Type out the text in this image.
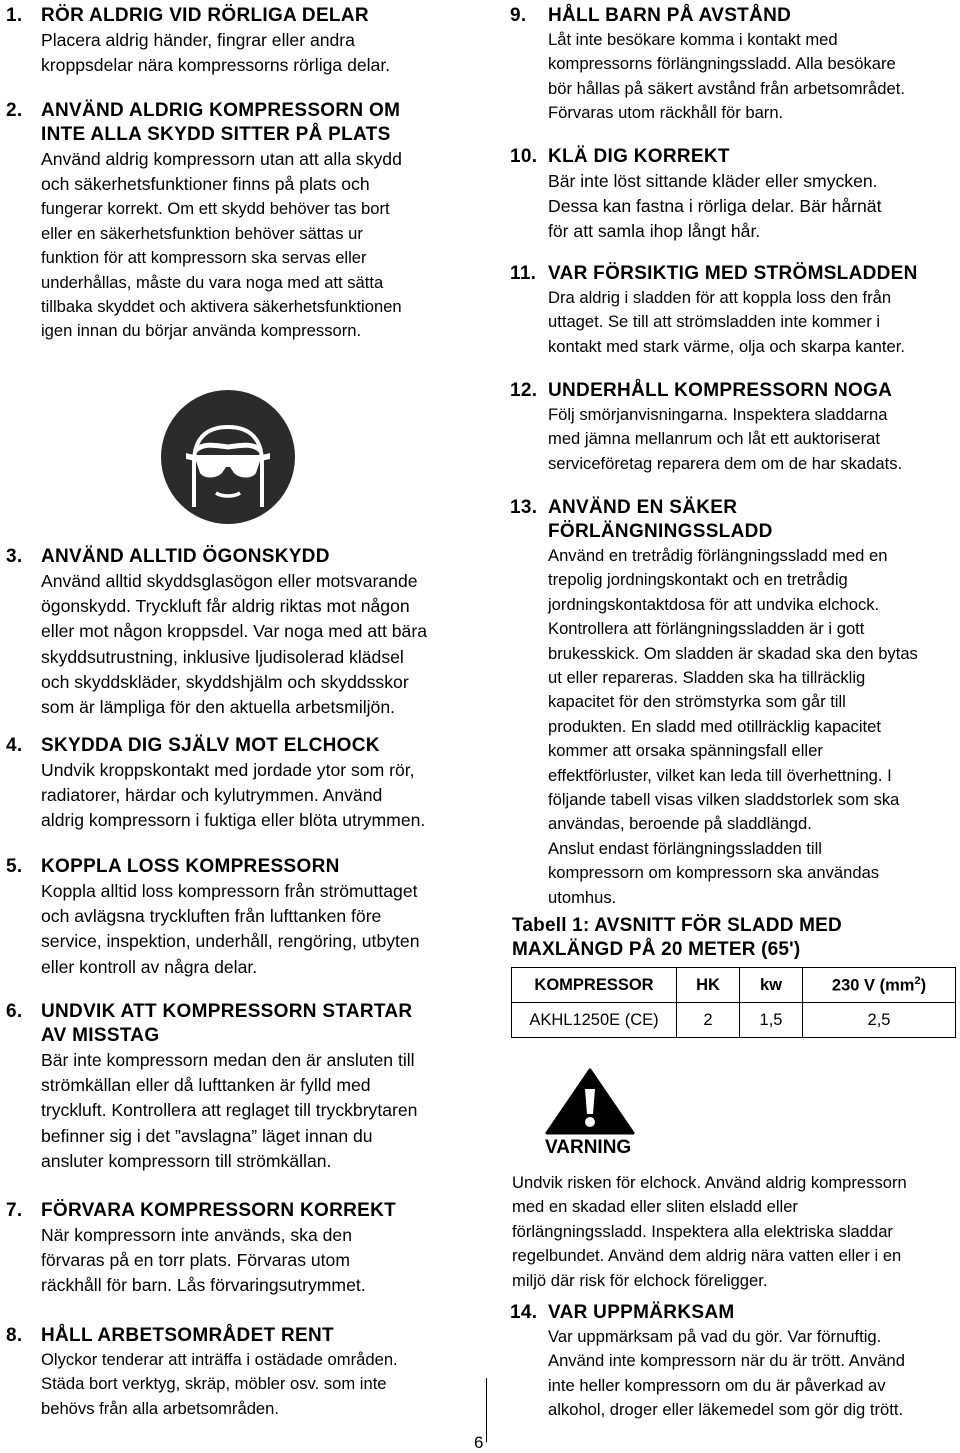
1. RÖR ALDRIG VID RÖRLIGA DELAR
Placera aldrig händer, fingrar eller andra
kroppsdelar nära kompressorns rörliga delar.
2. ANVÄND ALDRIG KOMPRESSORN OM
INTE ALLA SKYDD SITTER PÅ PLATS
Använd aldrig kompressorn utan att alla skydd
och säkerhetsfunktioner finns på plats och
fungerar korrekt. Om ett skydd behöver tas bort
eller en säkerhetsfunktion behöver sättas ur
funktion för att kompressorn ska servas eller
underhållas, måste du vara noga med att sätta
tillbaka skyddet och aktivera säkerhetsfunktionen
igen innan du börjar använda kompressorn.
3. ANVÄND ALLTID ÖGONSKYDD
Använd alltid skyddsglasögon eller motsvarande
ögonskydd. Tryckluft får aldrig riktas mot någon
eller mot någon kroppsdel. Var noga med att bära
skyddsutrustning, inklusive ljudisolerad klädsel
och skyddskläder, skyddshjälm och skyddsskor
som är lämpliga för den aktuella arbetsmiljön.
4. SKYDDA DIG SJÄLV MOT ELCHOCK
Undvik kroppskontakt med jordade ytor som rör,
radiatorer, härdar och kylutrymmen. Använd
aldrig kompressorn i fuktiga eller blöta utrymmen.
5. KOPPLA LOSS KOMPRESSORN
Koppla alltid loss kompressorn från strömuttaget
och avlägsna tryckluften från lufttanken före
service, inspektion, underhåll, rengöring, utbyten
eller kontroll av några delar.
6. UNDVIK ATT KOMPRESSORN STARTAR
AV MISSTAG
Bär inte kompressorn medan den är ansluten till
strömkällan eller då lufttanken är fylld med
tryckluft. Kontrollera att reglaget till tryckbrytaren
befinner sig i det ”avslagna” läget innan du
ansluter kompressorn till strömkällan.
7. FÖRVARA KOMPRESSORN KORREKT
När kompressorn inte används, ska den
förvaras på en torr plats. Förvaras utom
räckhåll för barn. Lås förvaringsutrymmet.
8. HÅLL ARBETSOMRÅDET RENT
Olyckor tenderar att inträffa i ostädade områden.
Städa bort verktyg, skräp, möbler osv. som inte
behövs från alla arbetsområden.
9. HÅLL BARN PÅ AVSTÅND
Låt inte besökare komma i kontakt med
kompressorns förlängningssladd. Alla besökare
bör hållas på säkert avstånd från arbetsområdet.
Förvaras utom räckhåll för barn.
10. KLÄ DIG KORREKT
Bär inte löst sittande kläder eller smycken.
Dessa kan fastna i rörliga delar. Bär hårnät
för att samla ihop långt hår.
11. VAR FÖRSIKTIG MED STRÖMSLADDEN
Dra aldrig i sladden för att koppla loss den från
uttaget. Se till att strömsladden inte kommer i
kontakt med stark värme, olja och skarpa kanter.
12. UNDERHÅLL KOMPRESSORN NOGA
Följ smörjanvisningarna. Inspektera sladdarna
med jämna mellanrum och låt ett auktoriserat
serviceföretag reparera dem om de har skadats.
13. ANVÄND EN SÄKER
FÖRLÄNGNINGSSLADD
Använd en tretrådig förlängningssladd med en
trepolig jordningskontakt och en tretrådig
jordningskontaktdosa för att undvika elchock.
Kontrollera att förlängningssladden är i gott
brukesskick. Om sladden är skadad ska den bytas
ut eller repareras. Sladden ska ha tillräcklig
kapacitet för den strömstyrka som går till
produkten. En sladd med otillräcklig kapacitet
kommer att orsaka spänningsfall eller
effektförluster, vilket kan leda till överhettning. I
följande tabell visas vilken sladdstorlek som ska
användas, beroende på sladdlängd.
Anslut endast förlängningssladden till
kompressorn om kompressorn ska användas
utomhus.
14. VAR UPPMÄRKSAM
Var uppmärksam på vad du gör. Var förnuftig.
Använd inte kompressorn när du är trött. Använd
inte heller kompressorn om du är påverkad av
alkohol, droger eller läkemedel som gör dig trött.
Tabell 1: AVSNITT FÖR SLADD MED
MAXLÄNGD PÅ 20 METER (65')
KOMPRESSOR	HK	kw	230 V $(mm^2)$
AKHL1250E (CE)	2	1,5	2,5
VARNING
Undvik risken för elchock. Använd aldrig kompressorn
med en skadad eller sliten elsladd eller
förlängningssladd. Inspektera alla elektriska sladdar
regelbundet. Använd dem aldrig nära vatten eller i en
miljö där risk för elchock föreligger.
6
